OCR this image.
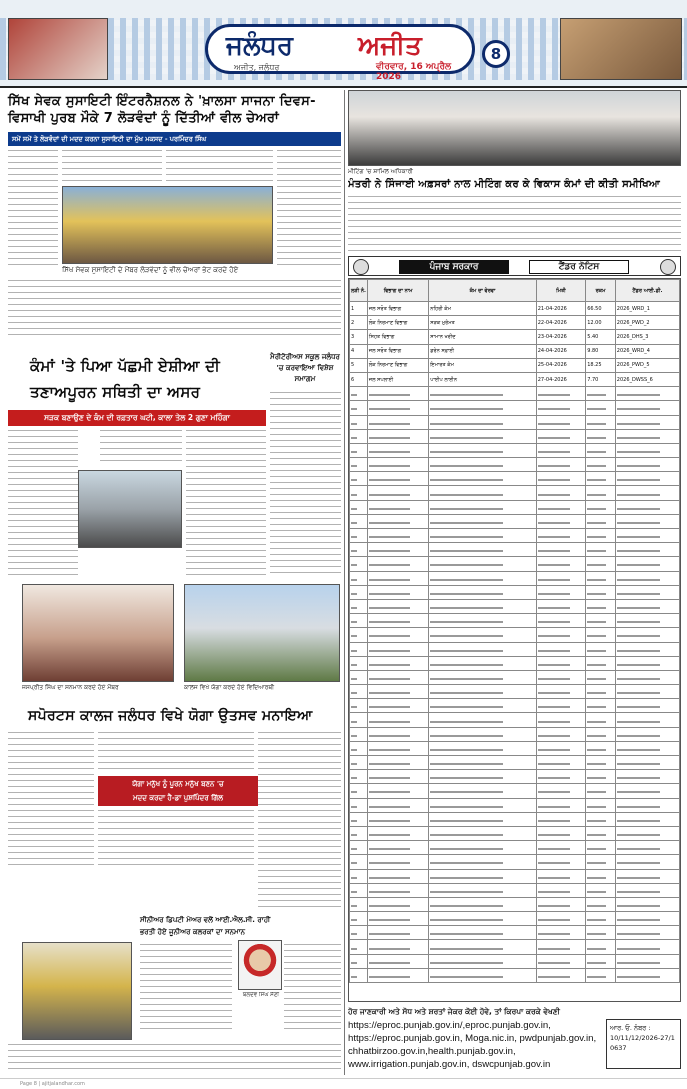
ਜਲੰਧਰ ਅਜੀਤ
ਅਜੀਤ, ਜਲੰਧਰ	ਵੀਰਵਾਰ, 16 ਅਪ੍ਰੈਲ 2026
8
ਸਿੱਖ ਸੇਵਕ ਸੁਸਾਇਟੀ ਇੰਟਰਨੈਸ਼ਨਲ ਨੇ 'ਖ਼ਾਲਸਾ ਸਾਜਨਾ ਦਿਵਸ-
ਵਿਸਾਖੀ ਪੁਰਬ ਮੌਕੇ 7 ਲੋੜਵੰਦਾਂ ਨੂੰ ਦਿੱਤੀਆਂ ਵੀਲ ਚੇਅਰਾਂ
ਸਮੇਂ ਸਮੇਂ ਤੇ ਲੋੜਵੰਦਾਂ ਦੀ ਮਦਦ ਕਰਨਾ ਸੁਸਾਇਟੀ ਦਾ ਮੁੱਖ ਮਕਸਦ - ਪਰਮਿੰਦਰ ਸਿੰਘ
ਸਿੱਖ ਸੇਵਕ ਸੁਸਾਇਟੀ ਦੇ ਮੈਂਬਰ ਲੋੜਵੰਦਾਂ ਨੂੰ ਵੀਲ ਚੇਅਰਾਂ ਭੇਟ ਕਰਦੇ ਹੋਏ
ਕੰਮਾਂ 'ਤੇ ਪਿਆ ਪੱਛਮੀ ਏਸ਼ੀਆ ਦੀ
ਤਣਾਅਪੂਰਨ ਸਥਿਤੀ ਦਾ ਅਸਰ
ਮੈਰੀਟੋਰੀਅਸ ਸਕੂਲ ਜਲੰਧਰ 'ਚ ਕਰਵਾਇਆ ਵਿਸ਼ੇਸ਼ ਸਮਾਗਮ
ਸੜਕ ਬਣਾਉਣ ਦੇ ਕੰਮ ਦੀ ਰਫ਼ਤਾਰ ਘਟੀ, ਕਾਲਾ ਤੇਲ 2 ਗੁਣਾ ਮਹਿੰਗਾ
ਜਸਪ੍ਰੀਤ ਸਿੰਘ ਦਾ ਸਨਮਾਨ ਕਰਦੇ ਹੋਏ ਮੈਂਬਰ	ਕਾਲਜ ਵਿਖੇ ਯੋਗਾ ਕਰਦੇ ਹੋਏ ਵਿਦਿਆਰਥੀ
ਸਪੋਰਟਸ ਕਾਲਜ ਜਲੰਧਰ ਵਿਖੇ ਯੋਗਾ ਉਤਸਵ ਮਨਾਇਆ
ਯੋਗਾ ਮਨੁੱਖ ਨੂੰ ਪੂਰਨ ਮਨੁੱਖ ਬਣਨ 'ਚ
ਮਦਦ ਕਰਦਾ ਹੈ-ਡਾ ਪੁਸ਼ਪਿੰਦਰ ਗਿੱਲ
ਸੀਨੀਅਰ ਡਿਪਟੀ ਮੇਅਰ ਵਲੋਂ ਆਈ.ਐਲ.ਸੀ. ਰਾਹੀਂ
ਭਰਤੀ ਹੋਏ ਜੂਨੀਅਰ ਕਲਰਕਾਂ ਦਾ ਸਨਮਾਨ
ਬਲਦੇਵ ਸਿੰਘ ਸੈਣੀ
ਮੀਟਿੰਗ 'ਚ ਸ਼ਾਮਿਲ ਅਧਿਕਾਰੀ
ਮੰਤਰੀ ਨੇ ਸਿੰਜਾਈ ਅਫ਼ਸਰਾਂ ਨਾਲ ਮੀਟਿੰਗ ਕਰ ਕੇ ਵਿਕਾਸ ਕੰਮਾਂ ਦੀ ਕੀਤੀ ਸਮੀਖਿਆ
ਪੰਜਾਬ ਸਰਕਾਰ	ਟੈਂਡਰ ਨੋਟਿਸ
ਲੜੀ ਨੰ.	ਵਿਭਾਗ ਦਾ ਨਾਮ	ਕੰਮ ਦਾ ਵੇਰਵਾ	ਮਿਤੀ	ਰਕਮ	ਟੈਂਡਰ ਆਈ.ਡੀ.
1	ਜਲ ਸਰੋਤ ਵਿਭਾਗ	ਨਹਿਰੀ ਕੰਮ	21-04-2026	66.50	2026_WRD_1
2	ਲੋਕ ਨਿਰਮਾਣ ਵਿਭਾਗ	ਸੜਕ ਮੁਰੰਮਤ	22-04-2026	12.00	2026_PWD_2
3	ਸਿਹਤ ਵਿਭਾਗ	ਸਾਮਾਨ ਖਰੀਦ	23-04-2026	5.40	2026_DHS_3
4	ਜਲ ਸਰੋਤ ਵਿਭਾਗ	ਡਰੇਨ ਸਫ਼ਾਈ	24-04-2026	9.80	2026_WRD_4
5	ਲੋਕ ਨਿਰਮਾਣ ਵਿਭਾਗ	ਇਮਾਰਤ ਕੰਮ	25-04-2026	18.25	2026_PWD_5
6	ਜਲ ਸਪਲਾਈ	ਪਾਈਪ ਲਾਈਨ	27-04-2026	7.70	2026_DWSS_6

ਹੋਰ ਜਾਣਕਾਰੀ ਅਤੇ ਸੋਧ ਅਤੇ ਸ਼ਰਤਾਂ ਜੇਕਰ ਕੋਈ ਹੋਵੇ, ਤਾਂ ਕਿਰਪਾ ਕਰਕੇ ਵੇਖਣੀ
https://eproc.punjab.gov.in/,eproc.punjab.gov.in,
https://eproc.punjab.gov.in, Moga.nic.in, pwdpunjab.gov.in,
chhatbirzoo.gov.in,health.punjab.gov.in,
www.irrigation.punjab.gov.in, dswcpunjab.gov.in
ਆਰ. ਓ. ਨੰਬਰ :
10/11/12/2026-27/10637
Page 8 | ajitjalandhar.com
